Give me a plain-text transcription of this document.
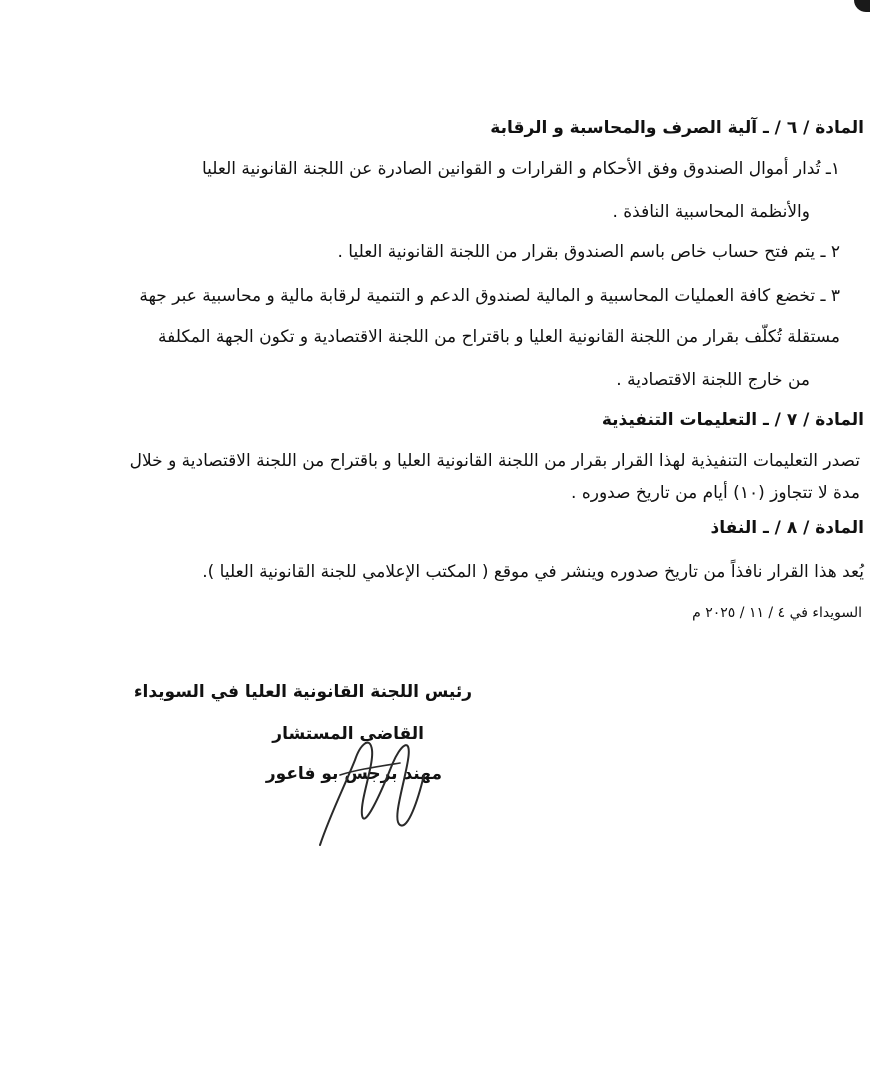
المادة / ٦ / ـ آلية الصرف والمحاسبة و الرقابة
١ـ تُدار أموال الصندوق وفق الأحكام و القرارات و القوانين الصادرة عن اللجنة القانونية العليا
والأنظمة المحاسبية النافذة .
٢ ـ يتم فتح حساب خاص باسم الصندوق بقرار من اللجنة القانونية العليا .
٣ ـ تخضع كافة العمليات المحاسبية و المالية لصندوق الدعم و التنمية لرقابة مالية و محاسبية عبر جهة
مستقلة تُكلّف بقرار من اللجنة القانونية العليا و باقتراح من اللجنة الاقتصادية و تكون الجهة المكلفة
من خارج اللجنة الاقتصادية .
المادة / ٧ / ـ التعليمات التنفيذية
تصدر التعليمات التنفيذية لهذا القرار بقرار من اللجنة القانونية العليا و باقتراح من اللجنة الاقتصادية و خلال
مدة لا تتجاوز (١٠) أيام من تاريخ صدوره .
المادة / ٨ / ـ النفاذ
يُعد هذا القرار نافذاً من تاريخ صدوره وينشر في موقع ( المكتب الإعلامي للجنة القانونية العليا ).
السويداء في ٤ / ١١ / ٢٠٢٥ م
رئيس اللجنة القانونية العليا في السويداء
القاضي المستشار
مهند برجس بو فاعور
